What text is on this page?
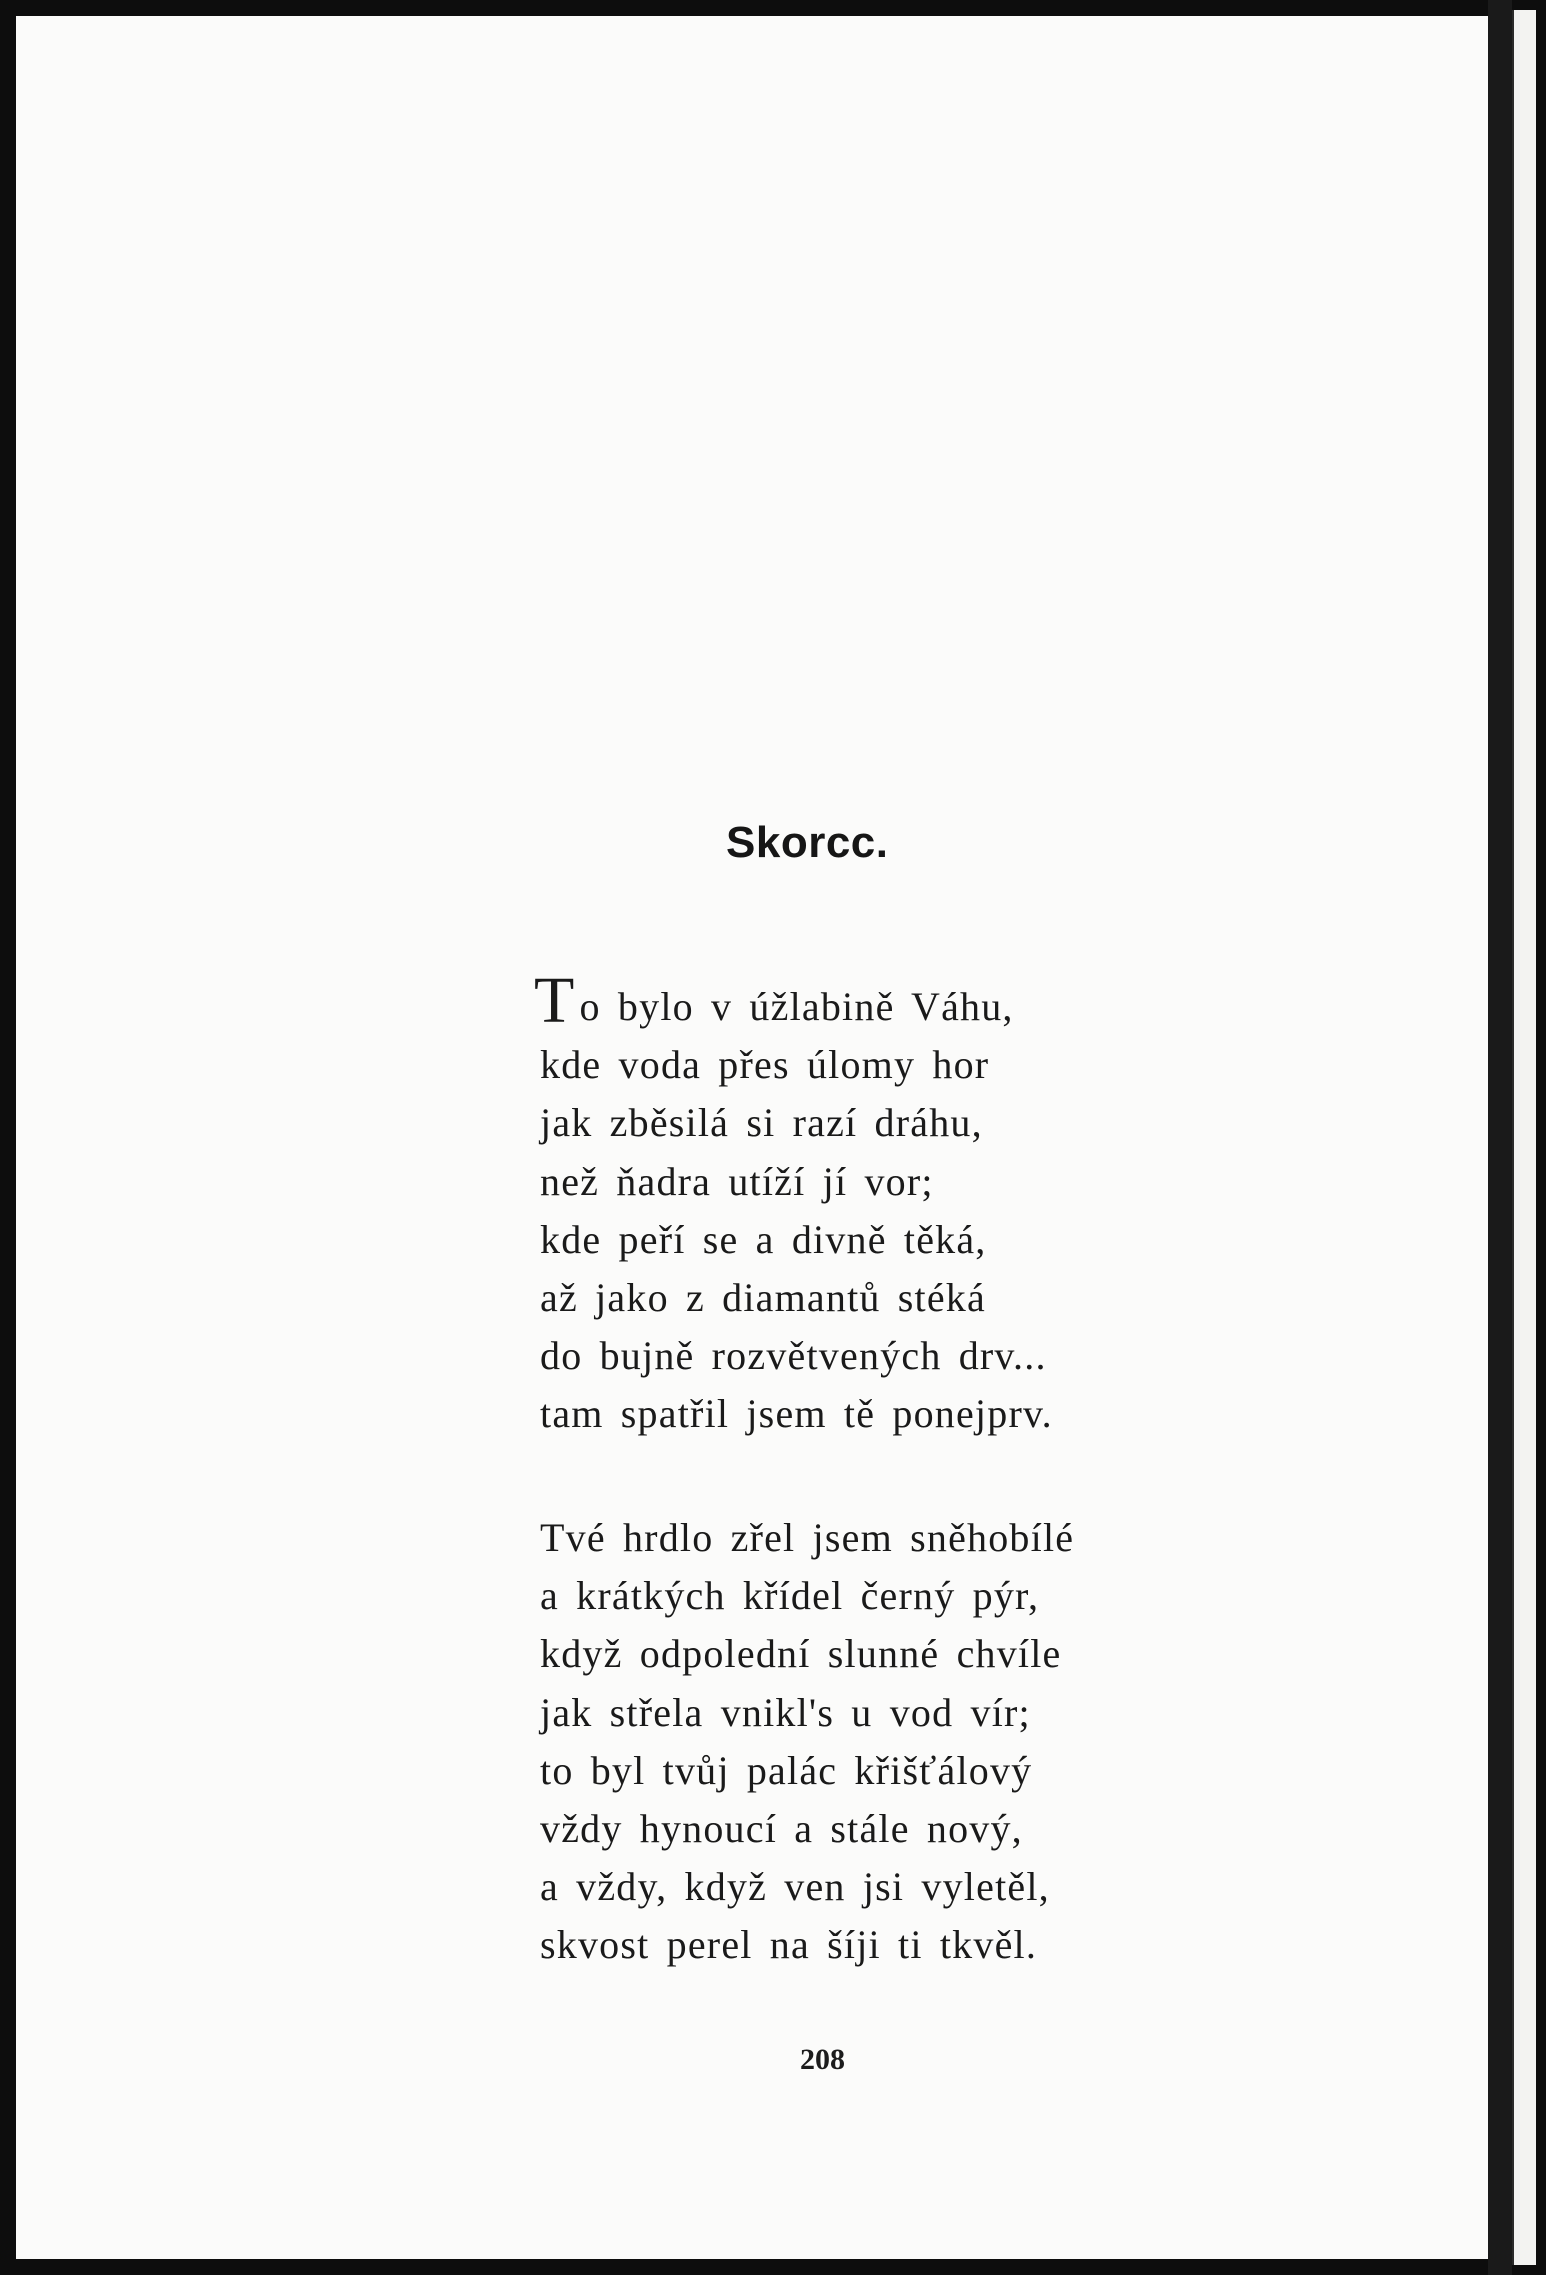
Skorcc.
To bylo v úžlabině Váhu,
kde voda přes úlomy hor
jak zběsilá si razí dráhu,
než ňadra utíží jí vor;
kde peří se a divně těká,
až jako z diamantů stéká
do bujně rozvětvených drv...
tam spatřil jsem tě ponejprv.
Tvé hrdlo zřel jsem sněhobílé
a krátkých křídel černý pýr,
když odpolední slunné chvíle
jak střela vnikl's u vod vír;
to byl tvůj palác křišťálový
vždy hynoucí a stále nový,
a vždy, když ven jsi vyletěl,
skvost perel na šíji ti tkvěl.
208
